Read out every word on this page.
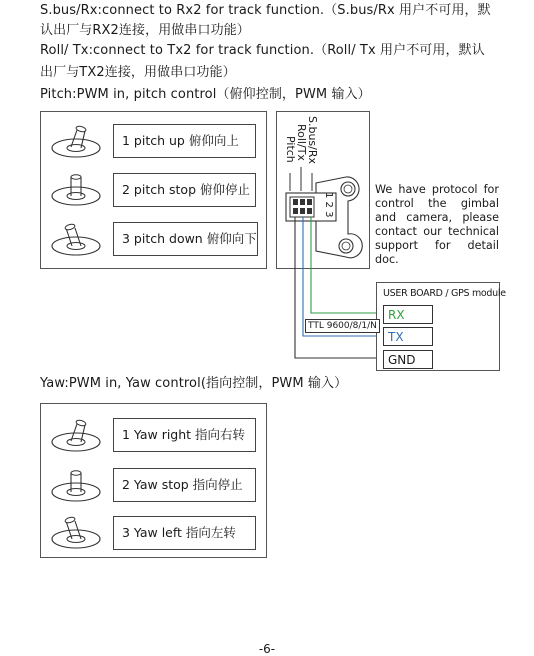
S.bus/Rx:connect to Rx2 for track function.（S.bus/Rx 用户不可用，默
认出厂与RX2连接，用做串口功能）
Roll/ Tx:connect to Tx2 for track function.（Roll/ Tx 用户不可用，默认
出厂与TX2连接，用做串口功能）
Pitch:PWM in, pitch control（俯仰控制，PWM 输入）
1 pitch up 俯仰向上
2 pitch stop 俯仰停止
3 pitch down 俯仰向下
S.bus/Rx
Roll/Tx
Pitch
1 2 3
We have protocol for control the gimbal and camera, please contact our technical support for detail doc.
USER BOARD / GPS module
RX
TX
GND
TTL 9600/8/1/N
Yaw:PWM in, Yaw control(指向控制，PWM 输入）
1 Yaw right 指向右转
2 Yaw stop 指向停止
3 Yaw left 指向左转
-6-
